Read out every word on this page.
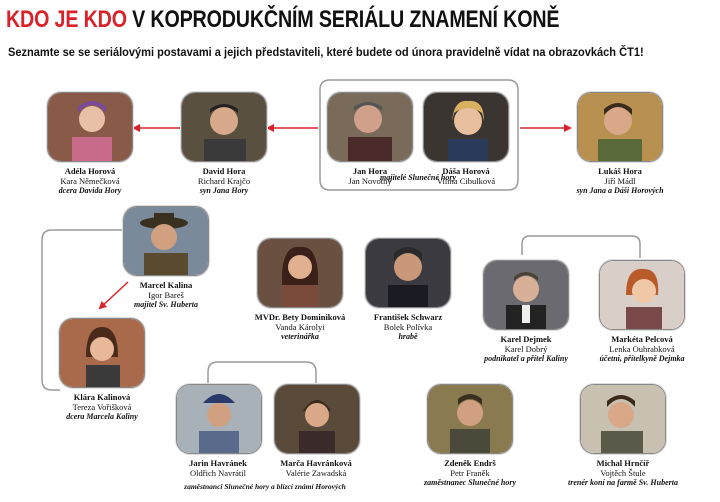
KDO JE KDO V KOPRODUKČNÍM SERIÁLU ZNAMENÍ KONĚ
Seznamte se se seriálovými postavami a jejich představiteli, které budete od února pravidelně vídat na obrazovkách ČT1!
Adéla Horová
Kara Němečková
dcera Davida Hory
David Hora
Richard Krajčo
syn Jana Hory
Jan Hora
Jan Novotný
Dáša Horová
Vilma Cibulková
majitelé Slunečné hory
Lukáš Hora
Jiří Mádl
syn Jana a Dáši Horových
Marcel Kalina
Igor Bareš
majitel Sv. Huberta
MVDr. Bety Dominiková
Vanda Károlyi
veterinářka
František Schwarz
Bolek Polívka
hrabě	Karel Dejmek
Karel Dobrý
podnikatel a přítel Kaliny
Markéta Pelcová
Lenka Ouhrabková
účetní, přítelkyně Dejmka
Klára Kalinová
Tereza Vořišková
dcera Marcela Kaliny
Jarin Havránek
Oldřich Navrátil
Marča Havránková
Valérie Zawadská
zaměstnanci Slunečné hory a blízcí známí Horových
Zdeněk Endrš
Petr Franěk
zaměstnanec Slunečné hory
Michal Hrnčíř
Vojtěch Štule
trenér koní na farmě Sv. Huberta
